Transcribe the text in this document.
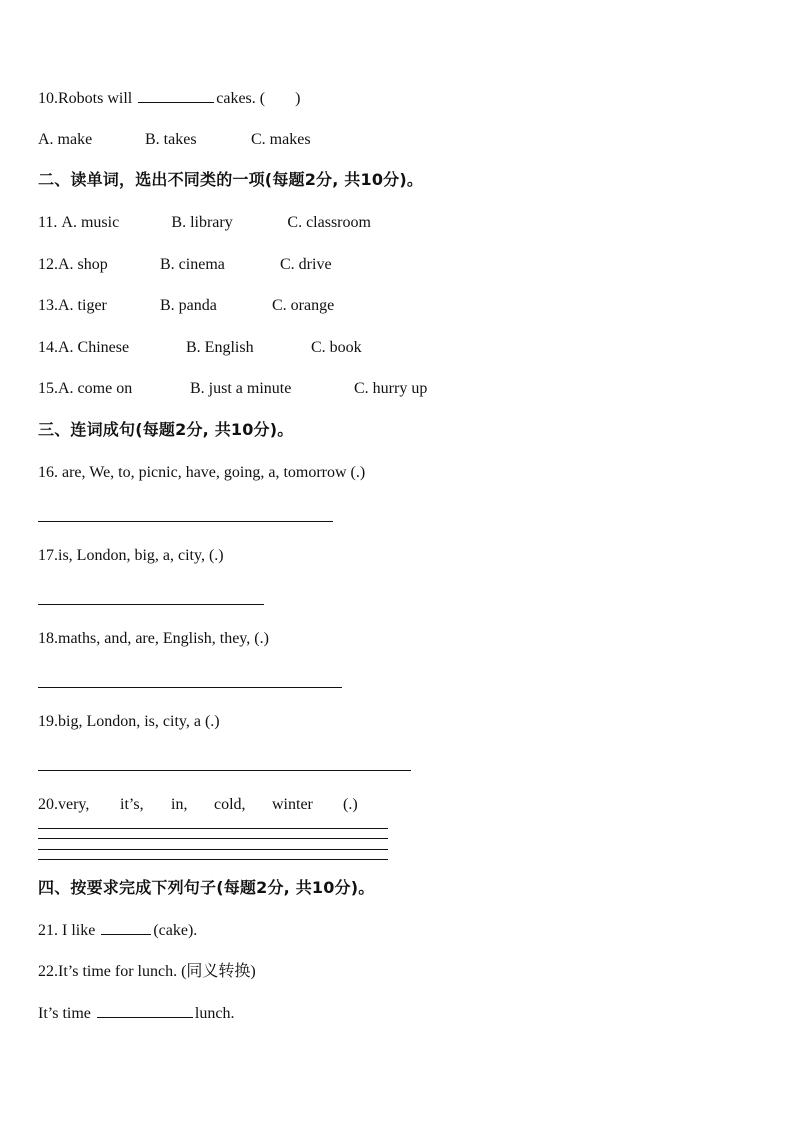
10.Robots will	cakes. ( )
A. make	B. takes	C. makes
二、读单词，选出不同类的一项(每题2分, 共10分)。
11. A. music	B. library	C. classroom
12.A. shop	B. cinema	C. drive
13.A. tiger	B. panda	C. orange
14.A. Chinese	B. English	C. book
15.A. come on	B. just a minute	C. hurry up
三、连词成句(每题2分, 共10分)。
16. are, We, to, picnic, have, going, a, tomorrow (.)
17.is, London, big, a, city, (.)
18.maths, and, are, English, they, (.)
19.big, London, is, city, a (.)
20.very, it’s, in, cold, winter (.)
四、按要求完成下列句子(每题2分, 共10分)。
21. I like	(cake).
22.It’s time for lunch. (同义转换)
It’s time	lunch.
